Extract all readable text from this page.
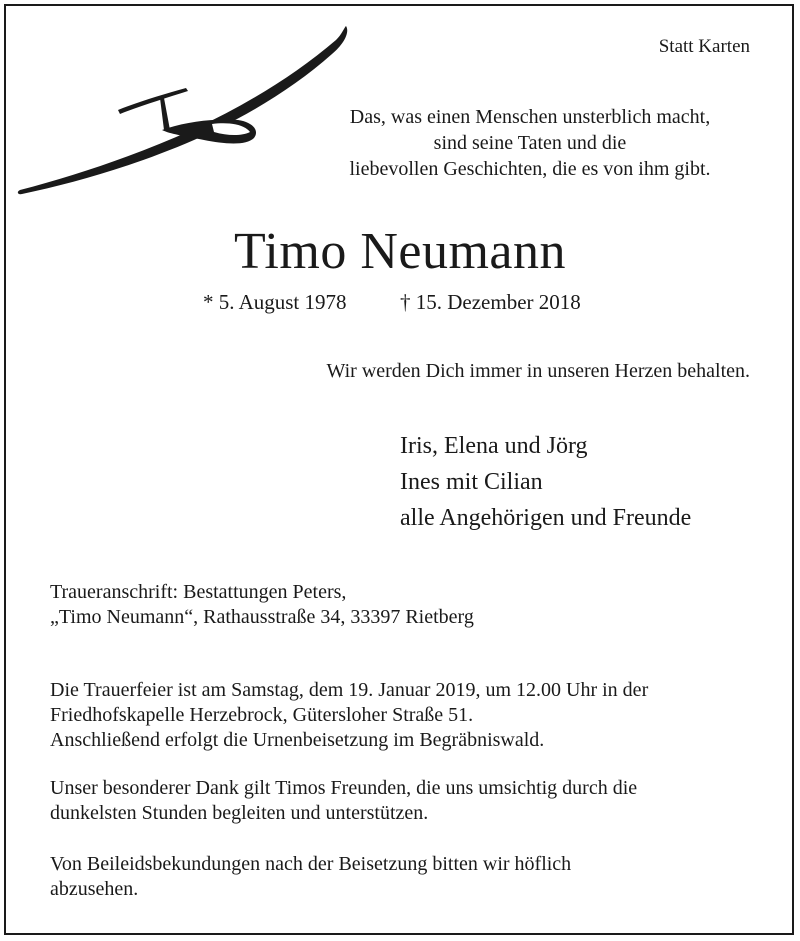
Statt Karten
Das, was einen Menschen unsterblich macht,
sind seine Taten und die
liebevollen Geschichten, die es von ihm gibt.
Timo Neumann
* 5. August 1978	† 15. Dezember 2018
Wir werden Dich immer in unseren Herzen behalten.
Iris, Elena und Jörg
Ines mit Cilian
alle Angehörigen und Freunde
Traueranschrift: Bestattungen Peters,
„Timo Neumann“, Rathausstraße 34, 33397 Rietberg
Die Trauerfeier ist am Samstag, dem 19. Januar 2019, um 12.00 Uhr in der
Friedhofskapelle Herzebrock, Gütersloher Straße 51.
Anschließend erfolgt die Urnenbeisetzung im Begräbniswald.
Unser besonderer Dank gilt Timos Freunden, die uns umsichtig durch die
dunkelsten Stunden begleiten und unterstützen.
Von Beileidsbekundungen nach der Beisetzung bitten wir höflich
abzusehen.
